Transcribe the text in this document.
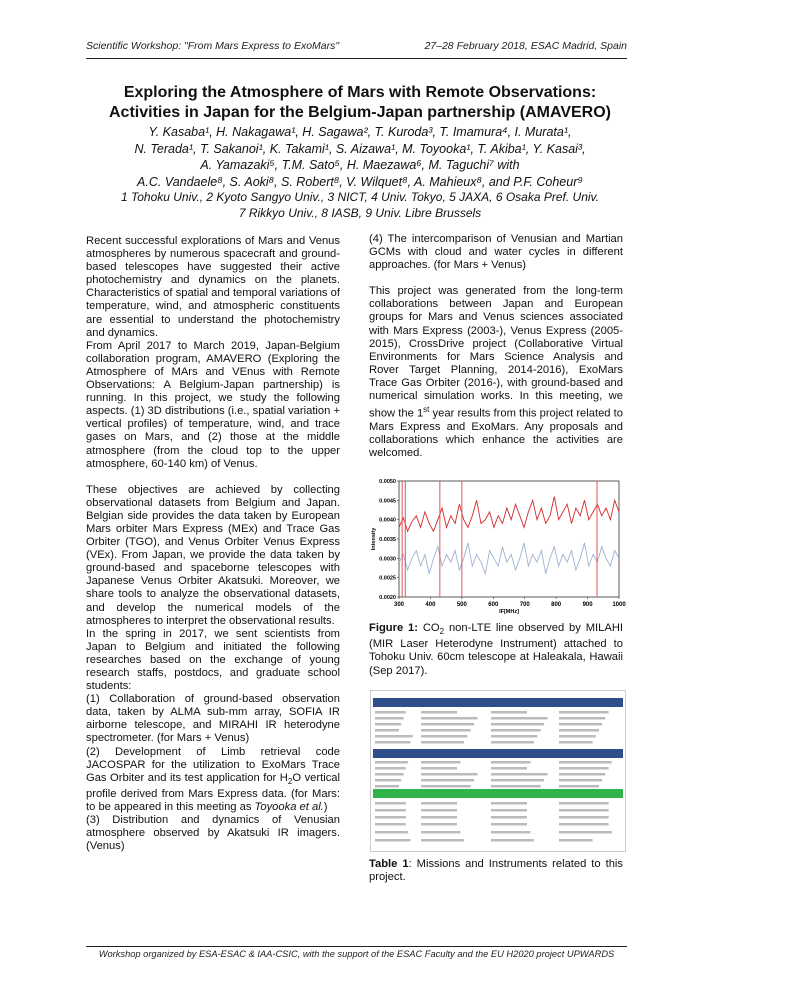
Scientific Workshop: "From Mars Express to ExoMars"	27–28 February 2018, ESAC Madrid, Spain
Exploring the Atmosphere of Mars with Remote Observations:
Activities in Japan for the Belgium-Japan partnership (AMAVERO)
Y. Kasaba¹, H. Nakagawa¹, H. Sagawa², T. Kuroda³, T. Imamura⁴, I. Murata¹,
N. Terada¹, T. Sakanoi¹, K. Takami¹, S. Aizawa¹, M. Toyooka¹, T. Akiba¹, Y. Kasai³,
A. Yamazaki⁵, T.M. Sato⁵, H. Maezawa⁶, M. Taguchi⁷ with
A.C. Vandaele⁸, S. Aoki⁸, S. Robert⁸, V. Wilquet⁸, A. Mahieux⁸, and P.F. Coheur⁹
1 Tohoku Univ., 2 Kyoto Sangyo Univ., 3 NICT, 4 Univ. Tokyo, 5 JAXA, 6 Osaka Pref. Univ.
7 Rikkyo Univ., 8 IASB, 9 Univ. Libre Brussels

Recent successful explorations of Mars and Venus atmospheres by numerous spacecraft and ground-based telescopes have suggested their active photochemistry and dynamics on the planets. Characteristics of spatial and temporal variations of temperature, wind, and atmospheric constituents are essential to understand the photochemistry and dynamics.

From April 2017 to March 2019, Japan-Belgium collaboration program, AMAVERO (Exploring the Atmosphere of MArs and VEnus with Remote Observations: A Belgium-Japan partnership) is running. In this project, we study the following aspects. (1) 3D distributions (i.e., spatial variation + vertical profiles) of temperature, wind, and trace gases on Mars, and (2) those at the middle atmosphere (from the cloud top to the upper atmosphere, 60-140 km) of Venus.

These objectives are achieved by collecting observational datasets from Belgium and Japan. Belgian side provides the data taken by European Mars orbiter Mars Express (MEx) and Trace Gas Orbiter (TGO), and Venus Orbiter Venus Express (VEx). From Japan, we provide the data taken by ground-based and spaceborne telescopes with Japanese Venus Orbiter Akatsuki. Moreover, we share tools to analyze the observational datasets, and develop the numerical models of the atmospheres to interpret the observational results.

In the spring in 2017, we sent scientists from Japan to Belgium and initiated the following researches based on the exchange of young research staffs, postdocs, and graduate school students:

(1) Collaboration of ground-based observation data, taken by ALMA sub-mm array, SOFIA IR airborne telescope, and MIRAHI IR heterodyne spectrometer. (for Mars + Venus)

(2) Development of Limb retrieval code JACOSPAR for the utilization to ExoMars Trace Gas Orbiter and its test application for $H_2O$ vertical profile derived from Mars Express data. (for Mars: to be appeared in this meeting as Toyooka et al.)

(3) Distribution and dynamics of Venusian atmosphere observed by Akatsuki IR imagers. (Venus)

(4) The intercomparison of Venusian and Martian GCMs with cloud and water cycles in different approaches. (for Mars + Venus)

This project was generated from the long-term collaborations between Japan and European groups for Mars and Venus sciences associated with Mars Express (2003-), Venus Express (2005-2015), CrossDrive project (Collaborative Virtual Environments for Mars Science Analysis and Rover Target Planning, 2014-2016), ExoMars Trace Gas Orbiter (2016-), with ground-based and numerical simulation works. In this meeting, we show the 1st year results from this project related to Mars Express and ExoMars. Any proposals and collaborations which enhance the activities are welcomed.

300	400	500	600	700	800	900	1000
0.0020
0.0025
0.0030
0.0035
0.0040
0.0045
0.0050
IF[MHz]
Intensity
Figure 1: $CO_2$ non-LTE line observed by MILAHI (MIR Laser Heterodyne Instrument) attached to Tohoku Univ. 60cm telescope at Haleakala, Hawaii (Sep 2017).
Table 1: Missions and Instruments related to this project.
Workshop organized by ESA-ESAC & IAA-CSIC, with the support of the ESAC Faculty and the EU H2020 project UPWARDS
